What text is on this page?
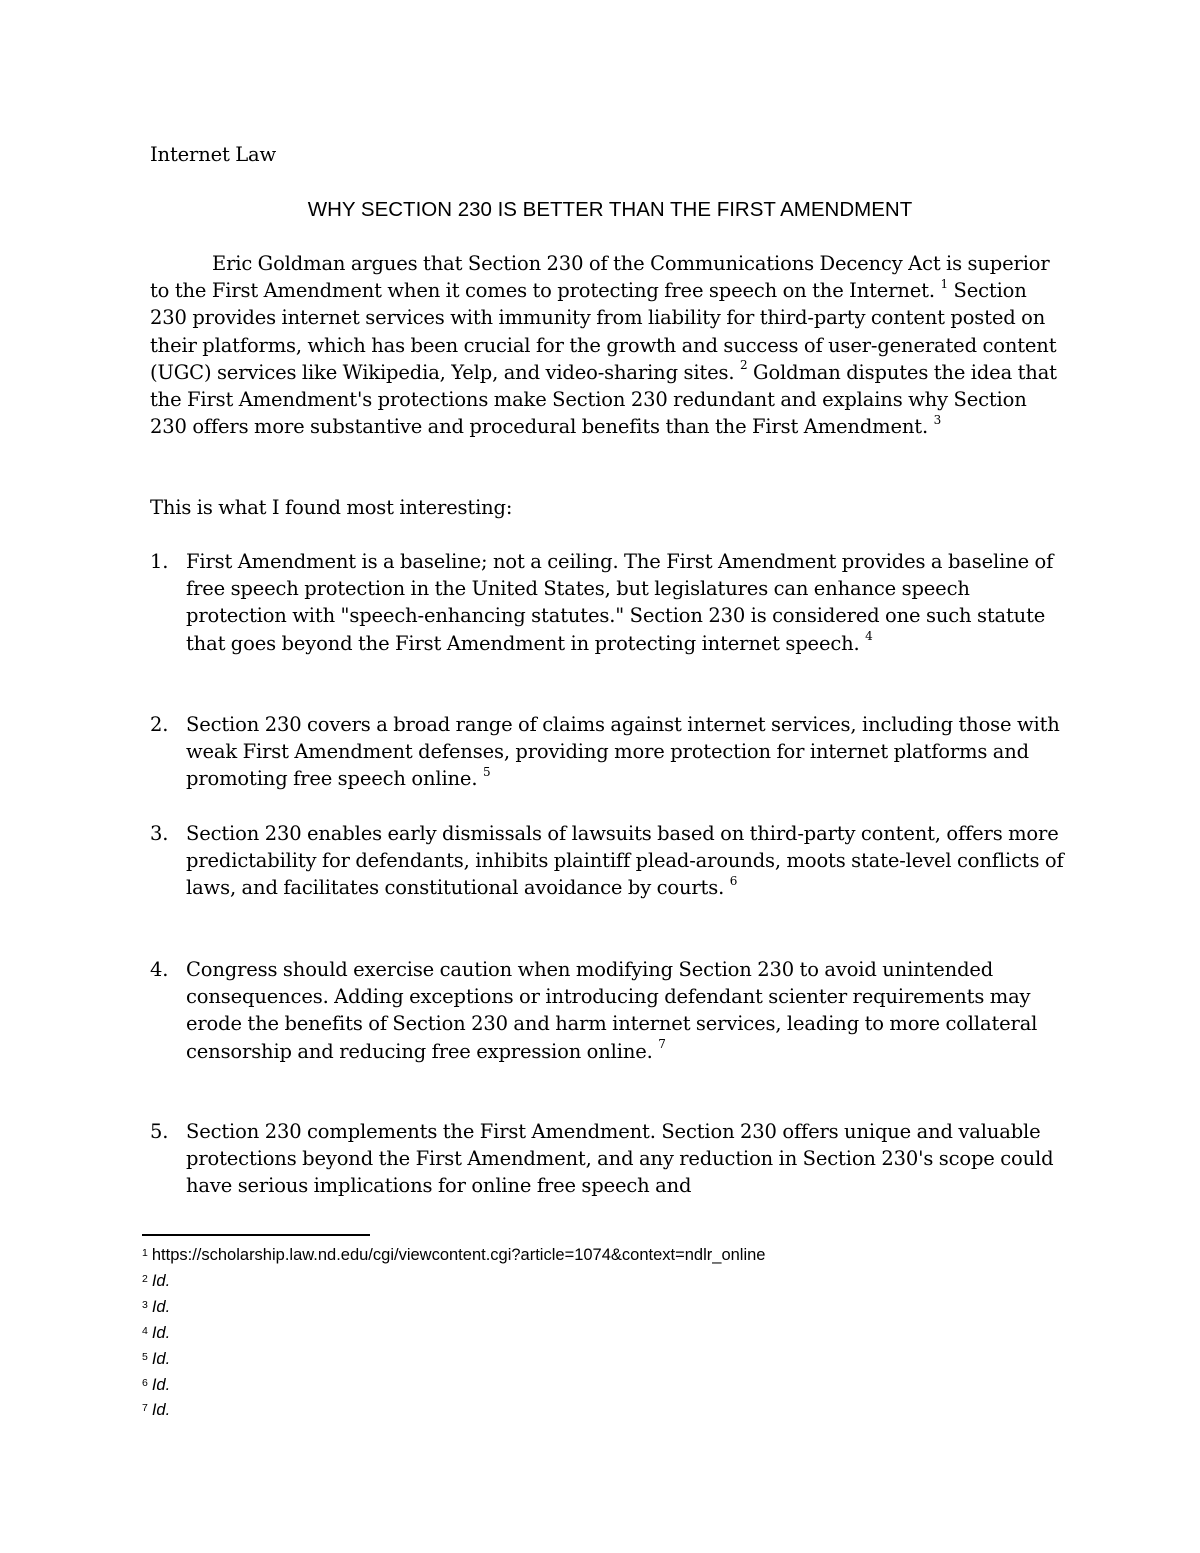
Internet Law
WHY SECTION 230 IS BETTER THAN THE FIRST AMENDMENT
Eric Goldman argues that Section 230 of the Communications Decency Act is superior to the First Amendment when it comes to protecting free speech on the Internet. $^1$ Section 230 provides internet services with immunity from liability for third-party content posted on their platforms, which has been crucial for the growth and success of user-generated content (UGC) services like Wikipedia, Yelp, and video-sharing sites. $^2$ Goldman disputes the idea that the First Amendment's protections make Section 230 redundant and explains why Section 230 offers more substantive and procedural benefits than the First Amendment. $^3$
This is what I found most interesting:
1. First Amendment is a baseline; not a ceiling. The First Amendment provides a baseline of free speech protection in the United States, but legislatures can enhance speech protection with "speech-enhancing statutes." Section 230 is considered one such statute that goes beyond the First Amendment in protecting internet speech. $^4$
2. Section 230 covers a broad range of claims against internet services, including those with weak First Amendment defenses, providing more protection for internet platforms and promoting free speech online. $^5$
3. Section 230 enables early dismissals of lawsuits based on third-party content, offers more predictability for defendants, inhibits plaintiff plead-arounds, moots state-level conflicts of laws, and facilitates constitutional avoidance by courts. $^6$
4. Congress should exercise caution when modifying Section 230 to avoid unintended consequences. Adding exceptions or introducing defendant scienter requirements may erode the benefits of Section 230 and harm internet services, leading to more collateral censorship and reducing free expression online. $^7$
5. Section 230 complements the First Amendment. Section 230 offers unique and valuable protections beyond the First Amendment, and any reduction in Section 230's scope could have serious implications for online free speech and
$^1$ https://scholarship.law.nd.edu/cgi/viewcontent.cgi?article=1074&context=ndlr_online
$^2$ Id.
$^3$ Id.
$^4$ Id.
$^5$ Id.
$^6$ Id.
$^7$ Id.
